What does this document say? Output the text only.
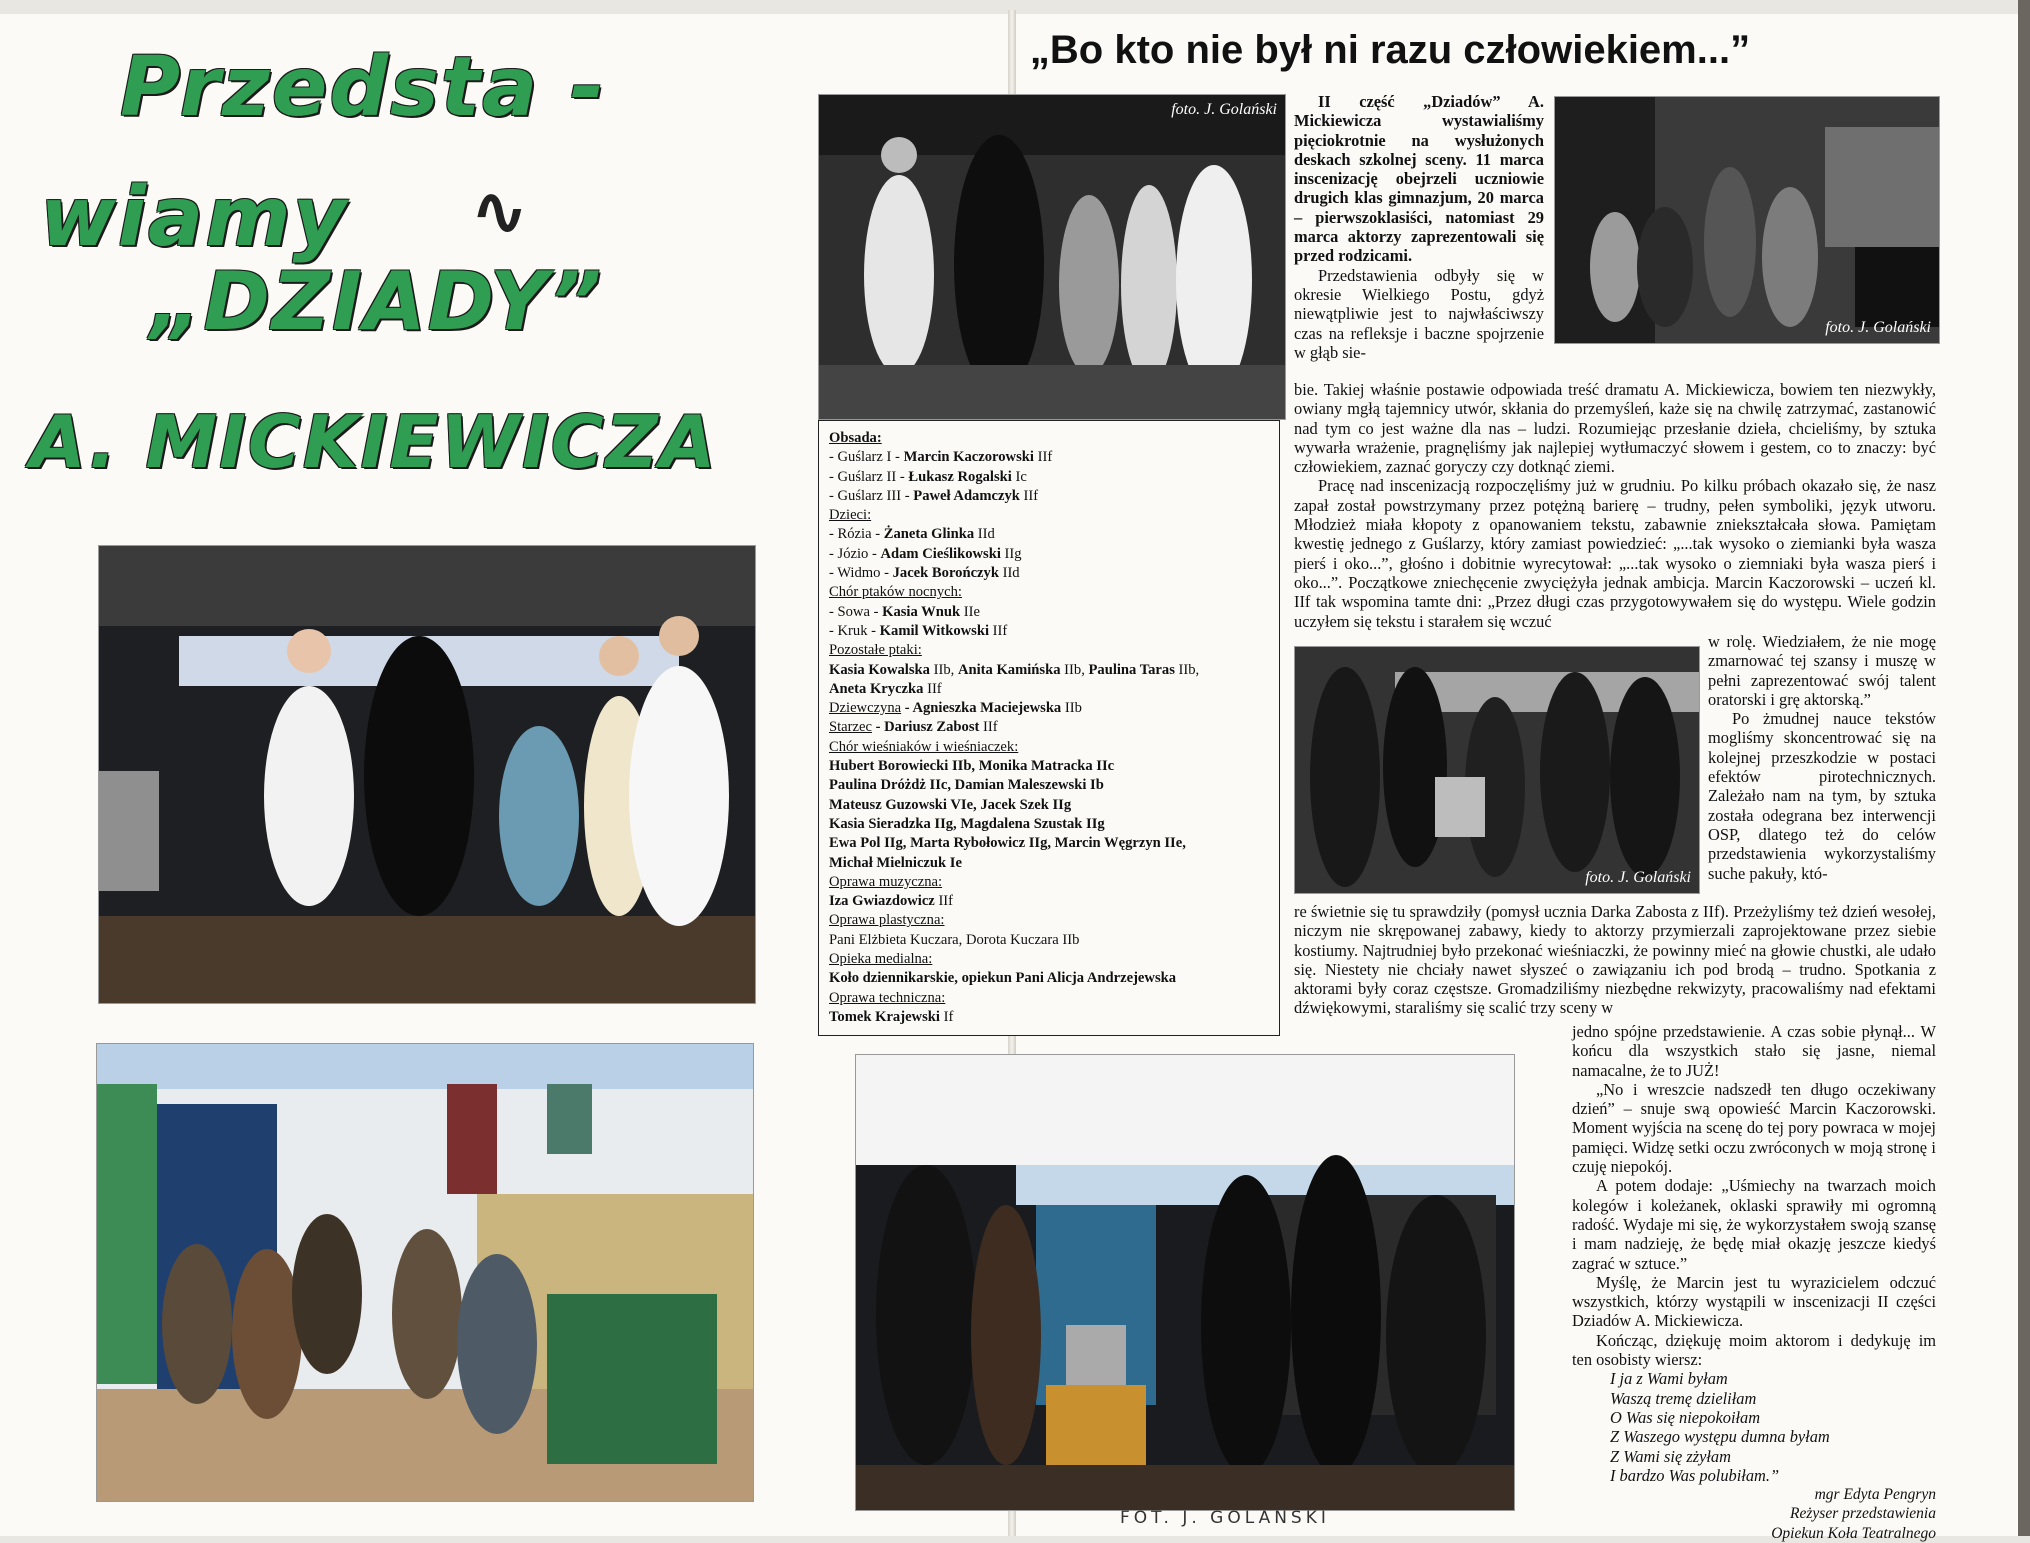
Przedsta -
wiamy ∿
„DZIADY”
A. MICKIEWICZA
„Bo kto nie był ni razu człowiekiem...”
foto. J. Golański
Obsada:
- Guślarz I - Marcin Kaczorowski IIf
- Guślarz II - Łukasz Rogalski Ic
- Guślarz III - Paweł Adamczyk IIf
Dzieci:
- Rózia - Żaneta Glinka IId
- Józio - Adam Cieślikowski IIg
- Widmo - Jacek Borończyk IId
Chór ptaków nocnych:
- Sowa - Kasia Wnuk IIe
- Kruk - Kamil Witkowski IIf
Pozostałe ptaki:
Kasia Kowalska IIb, Anita Kamińska IIb, Paulina Taras IIb,
Aneta Kryczka IIf
Dziewczyna - Agnieszka Maciejewska IIb
Starzec - Dariusz Zabost IIf
Chór wieśniaków i wieśniaczek:
Hubert Borowiecki IIb, Monika Matracka IIc
Paulina Dróżdż IIc, Damian Maleszewski Ib
Mateusz Guzowski VIe, Jacek Szek IIg
Kasia Sieradzka IIg, Magdalena Szustak IIg
Ewa Pol IIg, Marta Rybołowicz IIg, Marcin Węgrzyn IIe,
Michał Mielniczuk Ie
Oprawa muzyczna:
Iza Gwiazdowicz IIf
Oprawa plastyczna:
Pani Elżbieta Kuczara, Dorota Kuczara IIb
Opieka medialna:
Koło dziennikarskie, opiekun Pani Alicja Andrzejewska
Oprawa techniczna:
Tomek Krajewski If
foto. J. Golański
foto. J. Golański

II część „Dziadów” A. Mickiewicza wystawialiśmy pięciokrotnie na wysłużonych deskach szkolnej sceny. 11 marca inscenizację obejrzeli uczniowie drugich klas gimnazjum, 20 marca – pierwszoklasiści, natomiast 29 marca aktorzy zaprezentowali się przed rodzicami.

Przedstawienia odbyły się w okresie Wielkiego Postu, gdyż niewątpliwie jest to najwłaściwszy czas na refleksje i baczne spojrzenie w głąb sie-

bie. Takiej właśnie postawie odpowiada treść dramatu A. Mickiewicza, bowiem ten niezwykły, owiany mgłą tajemnicy utwór, skłania do przemyśleń, każe się na chwilę zatrzymać, zastanowić nad tym co jest ważne dla nas – ludzi. Rozumiejąc przesłanie dzieła, chcieliśmy, by sztuka wywarła wrażenie, pragnęliśmy jak najlepiej wytłumaczyć słowem i gestem, co to znaczy: być człowiekiem, zaznać goryczy czy dotknąć ziemi.

Pracę nad inscenizacją rozpoczęliśmy już w grudniu. Po kilku próbach okazało się, że nasz zapał został powstrzymany przez potężną barierę – trudny, pełen symboliki, język utworu. Młodzież miała kłopoty z opanowaniem tekstu, zabawnie zniekształcała słowa. Pamiętam kwestię jednego z Guślarzy, który zamiast powiedzieć: „...tak wysoko o ziemianki była wasza pierś i oko...”, głośno i dobitnie wyrecytował: „...tak wysoko o ziemniaki była wasza pierś i oko...”. Początkowe zniechęcenie zwyciężyła jednak ambicja. Marcin Kaczorowski – uczeń kl. IIf tak wspomina tamte dni: „Przez długi czas przygotowywałem się do występu. Wiele godzin uczyłem się tekstu i starałem się wczuć

w rolę. Wiedziałem, że nie mogę zmarnować tej szansy i muszę w pełni zaprezentować swój talent oratorski i grę aktorską.”

Po żmudnej nauce tekstów mogliśmy skoncentrować się na kolejnej przeszkodzie w postaci efektów pirotechnicznych. Zależało nam na tym, by sztuka została odegrana bez interwencji OSP, dlatego też do celów przedstawienia wykorzystaliśmy suche pakuły, któ-

re świetnie się tu sprawdziły (pomysł ucznia Darka Zabosta z IIf). Przeżyliśmy też dzień wesołej, niczym nie skrępowanej zabawy, kiedy to aktorzy przymierzali zaprojektowane przez siebie kostiumy. Najtrudniej było przekonać wieśniaczki, że powinny mieć na głowie chustki, ale udało się. Niestety nie chciały nawet słyszeć o zawiązaniu ich pod brodą – trudno. Spotkania z aktorami były coraz częstsze. Gromadziliśmy niezbędne rekwizyty, pracowaliśmy nad efektami dźwiękowymi, staraliśmy się scalić trzy sceny w

jedno spójne przedstawienie. A czas sobie płynął... W końcu dla wszystkich stało się jasne, niemal namacalne, że to JUŻ!

„No i wreszcie nadszedł ten długo oczekiwany dzień” – snuje swą opowieść Marcin Kaczorowski. Moment wyjścia na scenę do tej pory powraca w mojej pamięci. Widzę setki oczu zwróconych w moją stronę i czuję niepokój.

A potem dodaje: „Uśmiechy na twarzach moich kolegów i koleżanek, oklaski sprawiły mi ogromną radość. Wydaje mi się, że wykorzystałem swoją szansę i mam nadzieję, że będę miał okazję jeszcze kiedyś zagrać w sztuce.”

Myślę, że Marcin jest tu wyrazicielem odczuć wszystkich, którzy wystąpili w inscenizacji II części Dziadów A. Mickiewicza.

Kończąc, dziękuję moim aktorom i dedykuję im ten osobisty wiersz:

I ja z Wami byłam
Waszą tremę dzieliłam
O Was się niepokoiłam
Z Waszego występu dumna byłam
Z Wami się zżyłam
I bardzo Was polubiłam.”
mgr Edyta Pengryn
Reżyser przedstawienia
Opiekun Koła Teatralnego
FOT. J. GOLAŃSKI
